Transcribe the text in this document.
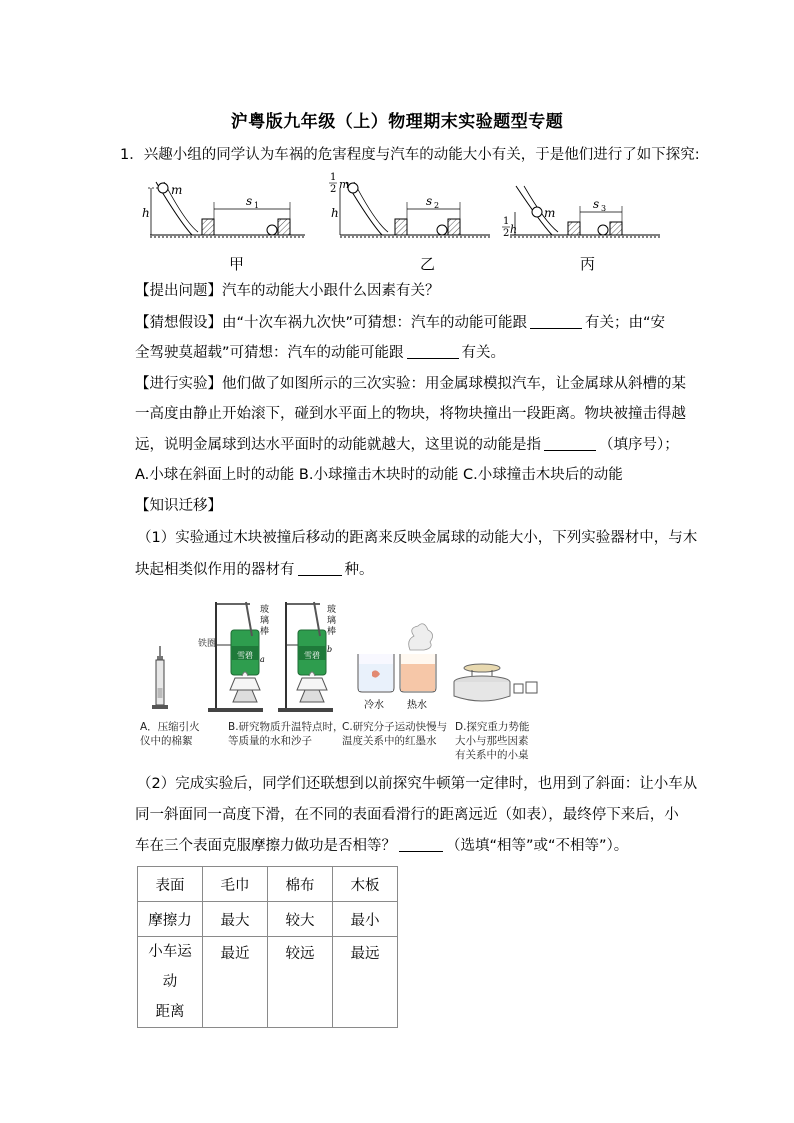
沪粤版九年级（上）物理期末实验题型专题
1．兴趣小组的同学认为车祸的危害程度与汽车的动能大小有关，于是他们进行了如下探究:
m
h
s 1
1
2 m
h
s 2
m
1
2 h
s 3
甲	乙	丙
【提出问题】汽车的动能大小跟什么因素有关？
【猜想假设】由“十次车祸九次快”可猜想：汽车的动能可能跟	有关；由“安
全驾驶莫超载”可猜想：汽车的动能可能跟	有关。
【进行实验】他们做了如图所示的三次实验：用金属球模拟汽车，让金属球从斜槽的某
一高度由静止开始滚下，碰到水平面上的物块，将物块撞出一段距离。物块被撞击得越
远，说明金属球到达水平面时的动能就越大，这里说的动能是指	（填序号）；
A.小球在斜面上时的动能 B.小球撞击木块时的动能 C.小球撞击木块后的动能
【知识迁移】
（1）实验通过木块被撞后移动的距离来反映金属球的动能大小，下列实验器材中，与木
块起相类似作用的器材有	种。
雪碧 a
铁圈
玻
璃
棒
雪碧
b
玻
璃
棒
冷水 热水
A．压缩引火
仪中的棉絮
B.研究物质升温特点时，
等质量的水和沙子
C.研究分子运动快慢与
温度关系中的红墨水
D.探究重力势能
大小与那些因素
有关系中的小桌
（2）完成实验后，同学们还联想到以前探究牛顿第一定律时，也用到了斜面：让小车从
同一斜面同一高度下滑，在不同的表面看滑行的距离远近（如表），最终停下来后，小
车在三个表面克服摩擦力做功是否相等？	（选填“相等”或“不相等”）。
表面	毛巾	棉布	木板
摩擦力	最大	较大	最小

小车运动
距离	最近	较远	最远
